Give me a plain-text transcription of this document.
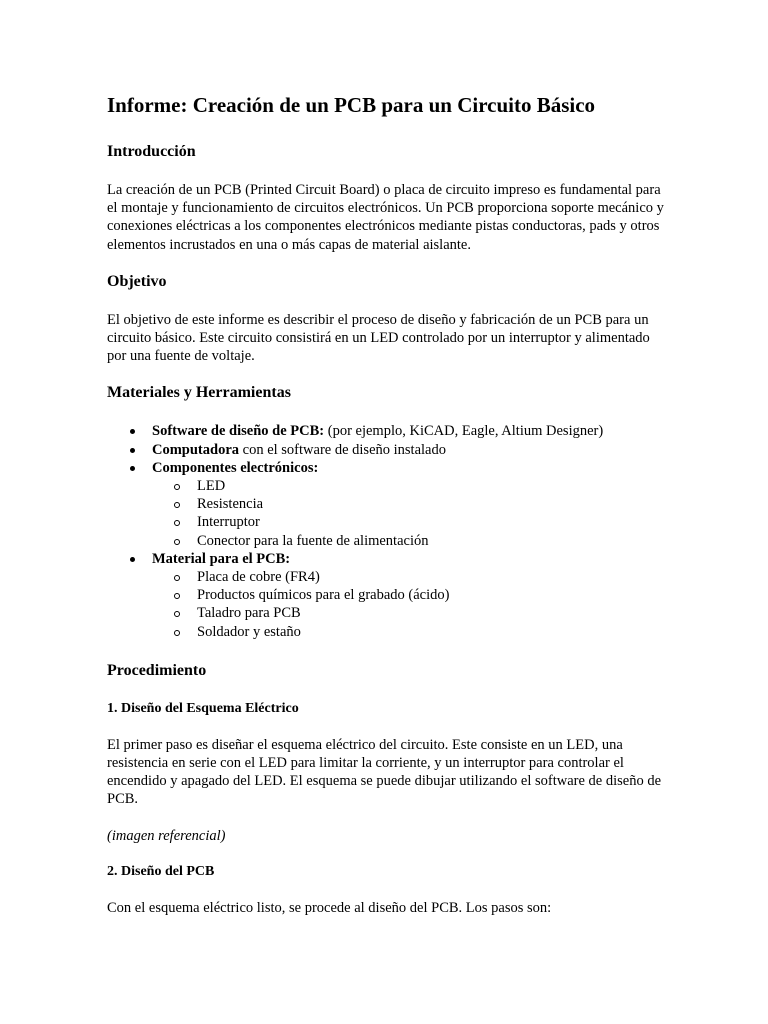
Informe: Creación de un PCB para un Circuito Básico
Introducción

La creación de un PCB (Printed Circuit Board) o placa de circuito impreso es fundamental para el montaje y funcionamiento de circuitos electrónicos. Un PCB proporciona soporte mecánico y conexiones eléctricas a los componentes electrónicos mediante pistas conductoras, pads y otros elementos incrustados en una o más capas de material aislante.

Objetivo

El objetivo de este informe es describir el proceso de diseño y fabricación de un PCB para un circuito básico. Este circuito consistirá en un LED controlado por un interruptor y alimentado por una fuente de voltaje.

Materiales y Herramientas
Software de diseño de PCB: (por ejemplo, KiCAD, Eagle, Altium Designer)
Computadora con el software de diseño instalado
Componentes electrónicos:
LED
Resistencia
Interruptor
Conector para la fuente de alimentación
Material para el PCB:
Placa de cobre (FR4)
Productos químicos para el grabado (ácido)
Taladro para PCB
Soldador y estaño
Procedimiento
1. Diseño del Esquema Eléctrico

El primer paso es diseñar el esquema eléctrico del circuito. Este consiste en un LED, una resistencia en serie con el LED para limitar la corriente, y un interruptor para controlar el encendido y apagado del LED. El esquema se puede dibujar utilizando el software de diseño de PCB.

(imagen referencial)

2. Diseño del PCB

Con el esquema eléctrico listo, se procede al diseño del PCB. Los pasos son:
